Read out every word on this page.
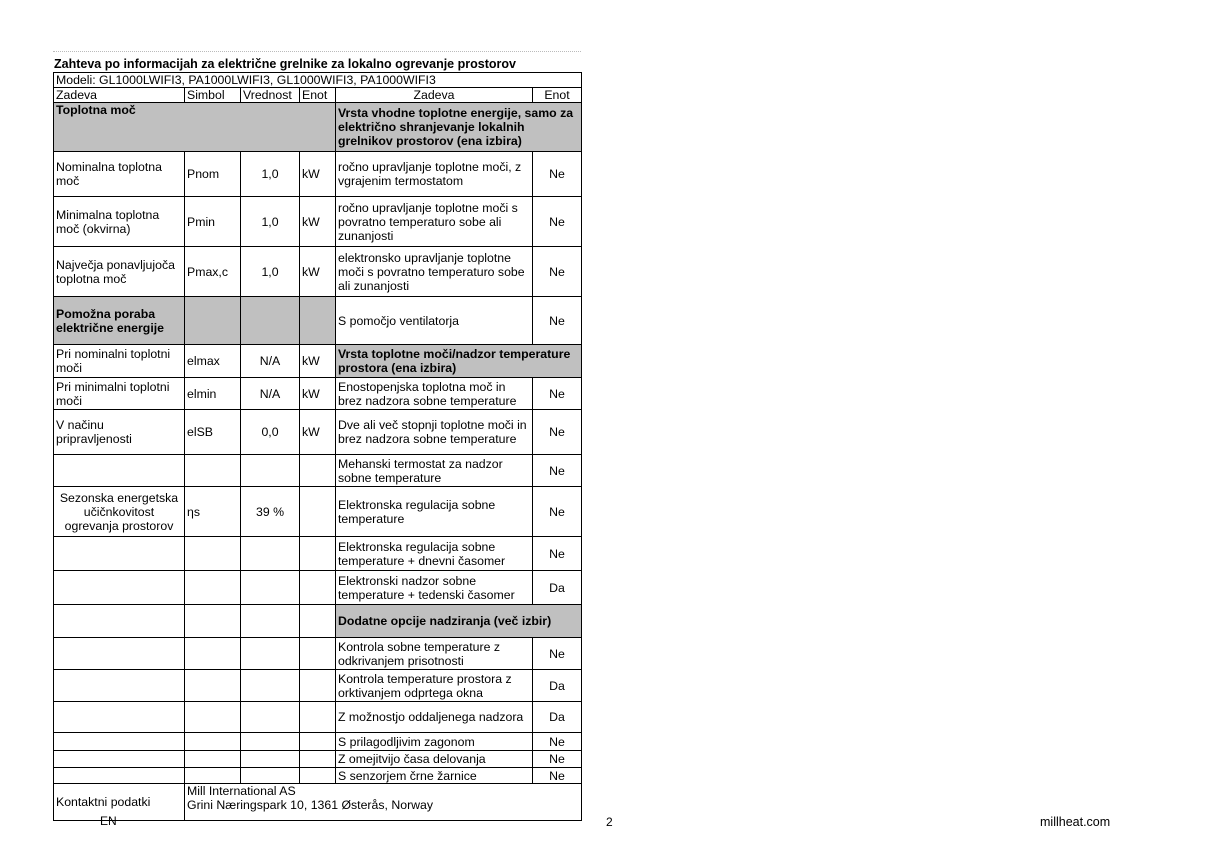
Zahteva po informacijah za električne grelnike za lokalno ogrevanje prostorov
Modeli: GL1000LWIFI3, PA1000LWIFI3, GL1000WIFI3, PA1000WIFI3					
Zadeva	Simbol	Vrednost	Enot	Zadeva	Enot
Toplotna moč				Vrsta vhodne toplotne energije, samo za električno shranjevanje lokalnih grelnikov prostorov (ena izbira)	
Nominalna toplotna moč	Pnom	1,0	kW	ročno upravljanje toplotne moči, z vgrajenim termostatom	Ne
Minimalna toplotna moč (okvirna)	Pmin	1,0	kW	ročno upravljanje toplotne moči s povratno temperaturo sobe ali zunanjosti	Ne
Največja ponavljujoča toplotna moč	Pmax,c	1,0	kW	elektronsko upravljanje toplotne moči s povratno temperaturo sobe ali zunanjosti	Ne
Pomožna poraba električne energije				S pomočjo ventilatorja	Ne
Pri nominalni toplotni moči	elmax	N/A	kW	Vrsta toplotne moči/nadzor temperature prostora (ena izbira)	
Pri minimalni toplotni moči	elmin	N/A	kW	Enostopenjska toplotna moč in brez nadzora sobne temperature	Ne
V načinu pripravljenosti	elSB	0,0	kW	Dve ali več stopnji toplotne moči in brez nadzora sobne temperature	Ne
				Mehanski termostat za nadzor sobne temperature	Ne
Sezonska energetska učičnkovitost ogrevanja prostorov	ηs	39 %		Elektronska regulacija sobne temperature	Ne
				Elektronska regulacija sobne temperature + dnevni časomer	Ne
				Elektronski nadzor sobne temperature + tedenski časomer	Da
				Dodatne opcije nadziranja (več izbir)	
				Kontrola sobne temperature z odkrivanjem prisotnosti	Ne
				Kontrola temperature prostora z orktivanjem odprtega okna	Da
				Z možnostjo oddaljenega nadzora	Da
				S prilagodljivim zagonom	Ne
				Z omejitvijo časa delovanja	Ne
				S senzorjem črne žarnice	Ne
Kontaktni podatki	Mill International AS
Grini Næringspark 10, 1361 Østerås, Norway				
EN	2	millheat.com
